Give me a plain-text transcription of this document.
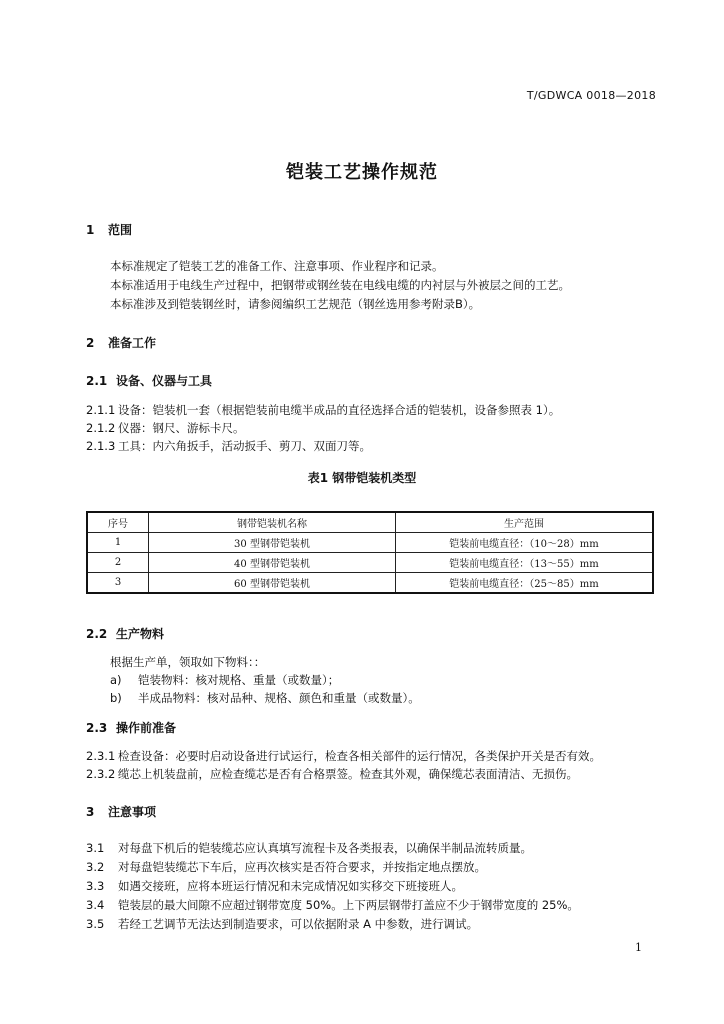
T/GDWCA 0018—2018
铠装工艺操作规范
1 范围
本标准规定了铠装工艺的准备工作、注意事项、作业程序和记录。
本标准适用于电线生产过程中，把钢带或钢丝装在电线电缆的内衬层与外被层之间的工艺。
本标准涉及到铠装钢丝时，请参阅编织工艺规范（钢丝选用参考附录B）。
2 准备工作
2.1 设备、仪器与工具
2.1.1 设备：铠装机一套（根据铠装前电缆半成品的直径选择合适的铠装机，设备参照表 1）。
2.1.2 仪器：钢尺、游标卡尺。
2.1.3 工具：内六角扳手，活动扳手、剪刀、双面刀等。
表1 钢带铠装机类型
序号	钢带铠装机名称	生产范围
1	30 型钢带铠装机	铠装前电缆直径：（10～28）mm
2	40 型钢带铠装机	铠装前电缆直径：（13～55）mm
3	60 型钢带铠装机	铠装前电缆直径：（25～85）mm
2.2 生产物料
根据生产单，领取如下物料：：
a) 铠装物料：核对规格、重量（或数量）；
b) 半成品物料：核对品种、规格、颜色和重量（或数量）。
2.3 操作前准备
2.3.1 检查设备：必要时启动设备进行试运行，检查各相关部件的运行情况，各类保护开关是否有效。
2.3.2 缆芯上机装盘前，应检查缆芯是否有合格票签。检查其外观，确保缆芯表面清洁、无损伤。
3 注意事项
3.1 对每盘下机后的铠装缆芯应认真填写流程卡及各类报表，以确保半制品流转质量。
3.2 对每盘铠装缆芯下车后，应再次核实是否符合要求，并按指定地点摆放。
3.3 如遇交接班，应将本班运行情况和未完成情况如实移交下班接班人。
3.4 铠装层的最大间隙不应超过钢带宽度 50%。上下两层钢带打盖应不少于钢带宽度的 25%。
3.5 若经工艺调节无法达到制造要求，可以依据附录 A 中参数，进行调试。
1
